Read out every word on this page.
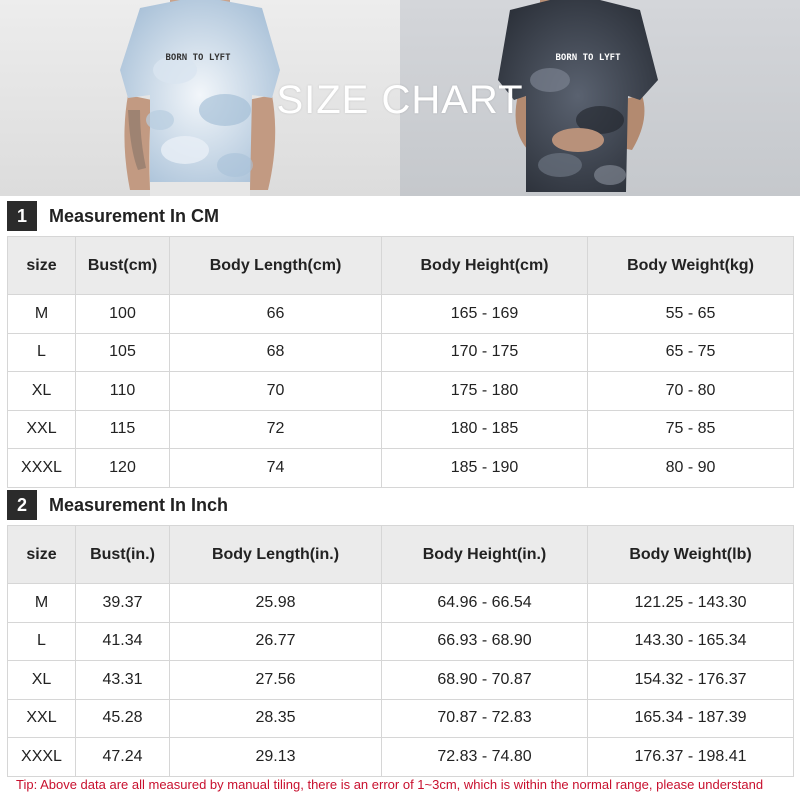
BORN TO LYFT	BORN TO LYFT
SIZE CHART
1	Measurement In CM
size	Bust(cm)	Body Length(cm)	Body Height(cm)	Body Weight(kg)
M	100	66	165 - 169	55 - 65
L	105	68	170 - 175	65 - 75
XL	110	70	175 - 180	70 - 80
XXL	115	72	180 - 185	75 - 85
XXXL	120	74	185 - 190	80 - 90
2	Measurement In Inch
size	Bust(in.)	Body Length(in.)	Body Height(in.)	Body Weight(lb)
M	39.37	25.98	64.96 - 66.54	121.25 - 143.30
L	41.34	26.77	66.93 - 68.90	143.30 - 165.34
XL	43.31	27.56	68.90 - 70.87	154.32 - 176.37
XXL	45.28	28.35	70.87 - 72.83	165.34 - 187.39
XXXL	47.24	29.13	72.83 - 74.80	176.37 - 198.41
Tip: Above data are all measured by manual tiling, there is an error of 1~3cm, which is within the normal range, please understand
